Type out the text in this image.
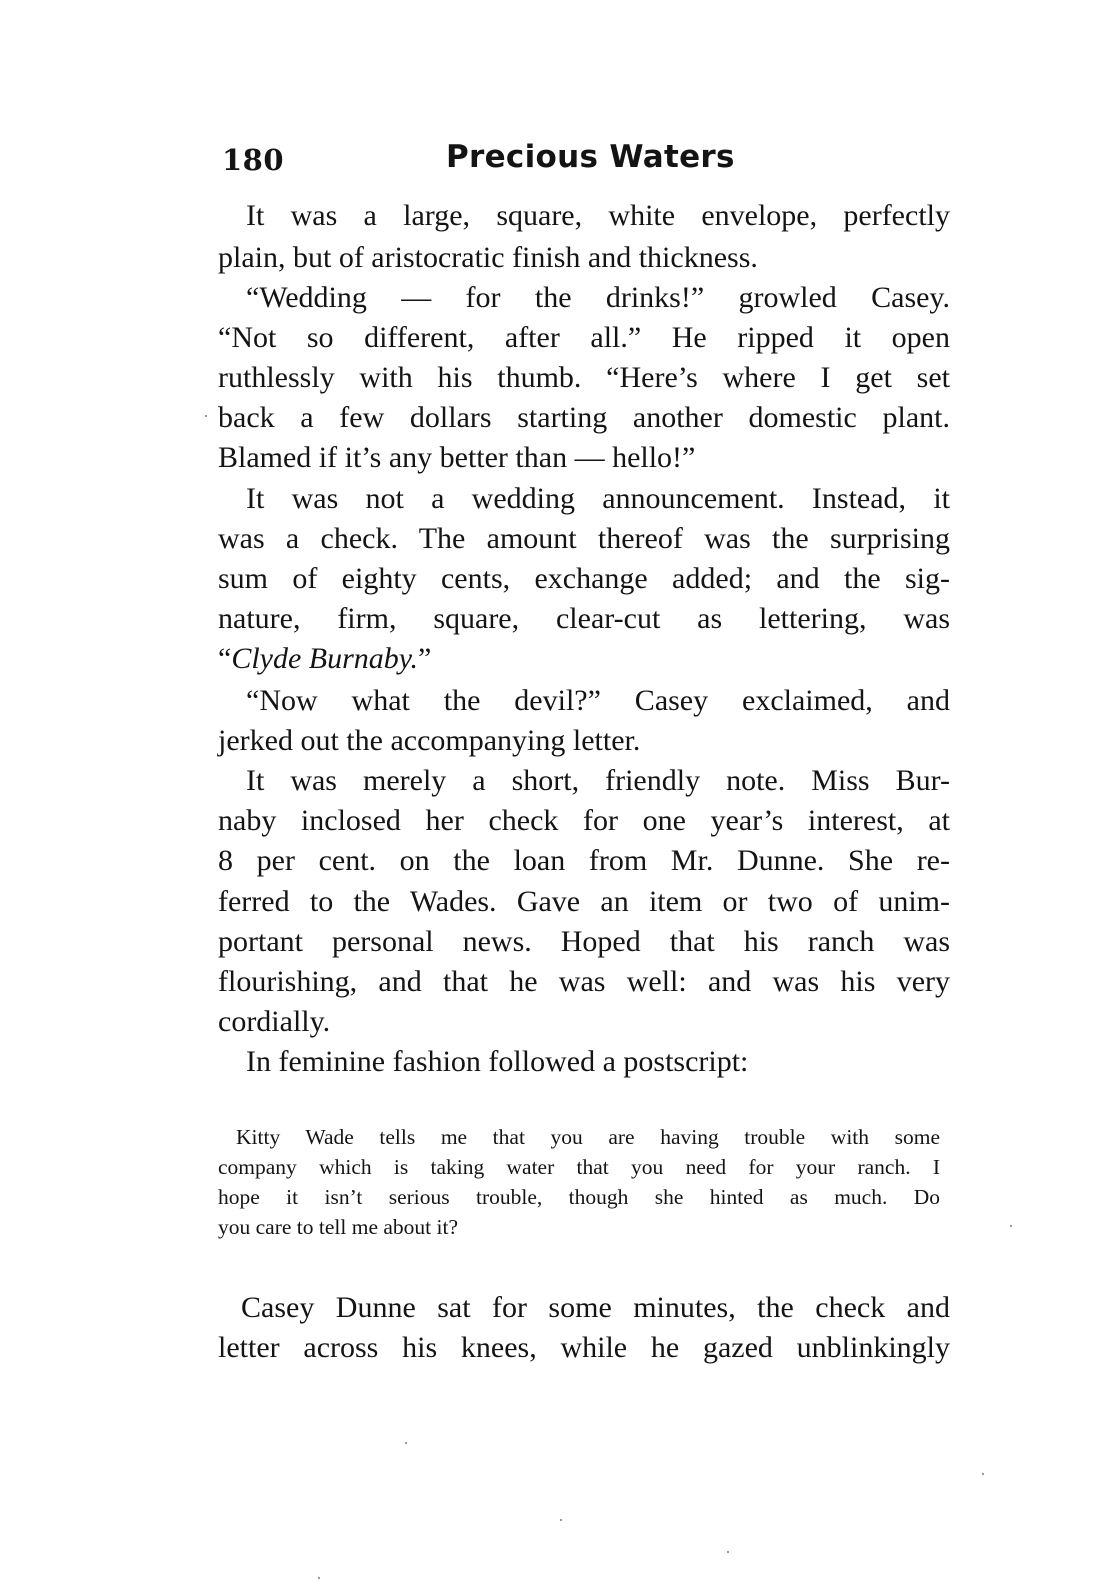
180	Precious Waters
It was a large, square, white envelope, perfectly
plain, but of aristocratic finish and thickness.
“Wedding — for the drinks!” growled Casey.
“Not so different, after all.” He ripped it open
ruthlessly with his thumb. “Here’s where I get set
back a few dollars starting another domestic plant.
Blamed if it’s any better than — hello!”
It was not a wedding announcement. Instead, it
was a check. The amount thereof was the surprising
sum of eighty cents, exchange added; and the sig-
nature, firm, square, clear-cut as lettering, was
“Clyde Burnaby.”
“Now what the devil?” Casey exclaimed, and
jerked out the accompanying letter.
It was merely a short, friendly note. Miss Bur-
naby inclosed her check for one year’s interest, at
8 per cent. on the loan from Mr. Dunne. She re-
ferred to the Wades. Gave an item or two of unim-
portant personal news. Hoped that his ranch was
flourishing, and that he was well: and was his very
cordially.
In feminine fashion followed a postscript:
Kitty Wade tells me that you are having trouble with some
company which is taking water that you need for your ranch. I
hope it isn’t serious trouble, though she hinted as much. Do
you care to tell me about it?
Casey Dunne sat for some minutes, the check and
letter across his knees, while he gazed unblinkingly
